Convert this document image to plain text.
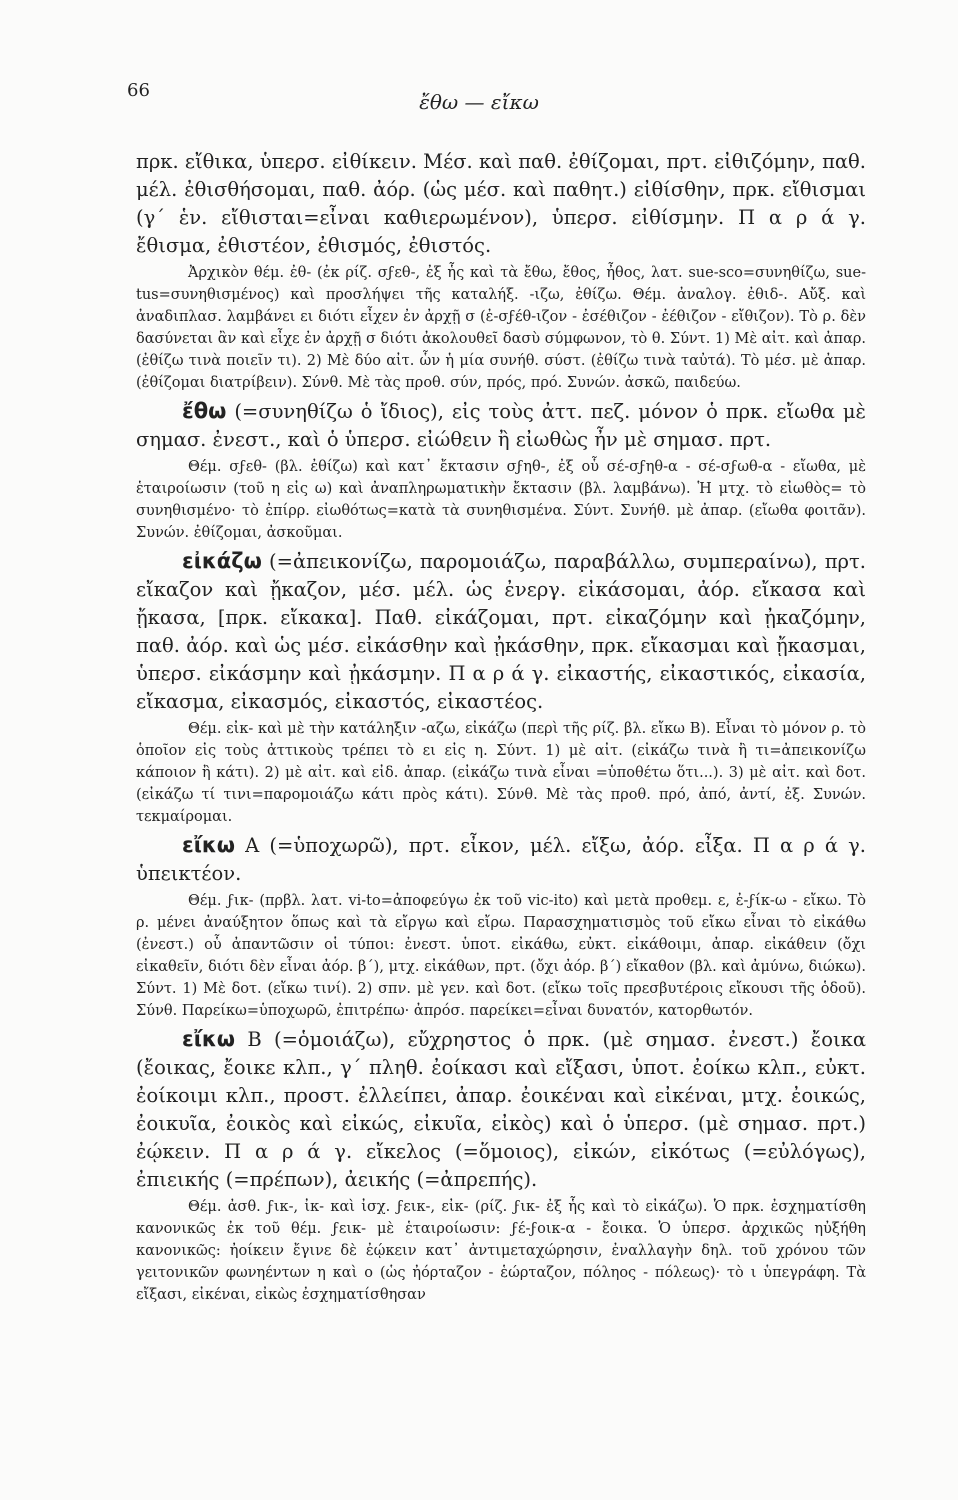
66	ἔθω — εἴκω

πρκ. εἴθικα, ὑπερσ. εἰθίκειν. Μέσ. καὶ παθ. ἐθίζομαι, πρτ. εἰθιζόμην, παθ. μέλ. ἐθισθήσομαι, παθ. ἀόρ. (ὡς μέσ. καὶ παθητ.) εἰθίσθην, πρκ. εἴθισμαι (γ΄ ἑν. εἴθισται=εἶναι καθιερωμένον), ὑπερσ. εἰθίσμην. Π α ρ ά γ. ἔθισμα, ἐθιστέον, ἐθισμός, ἐθιστός.

Ἀρχικὸν θέμ. ἐθ- (ἐκ ρίζ. σϝεθ-, ἐξ ἧς καὶ τὰ ἔθω, ἔθος, ἦθος, λατ. sue-sco=συνηθίζω, sue-tus=συνηθισμένος) καὶ προσλήψει τῆς καταλήξ. -ιζω, ἐθίζω. Θέμ. ἀναλογ. ἐθιδ-. Αὔξ. καὶ ἀναδιπλασ. λαμβάνει ει διότι εἶχεν ἐν ἀρχῇ σ (ἐ-σϝέθ-ιζον - ἐσέθιζον - ἐέθιζον - εἴθιζον). Τὸ ρ. δὲν δασύνεται ἂν καὶ εἶχε ἐν ἀρχῇ σ διότι ἀκολουθεῖ δασὺ σύμφωνον, τὸ θ. Σύντ. 1) Μὲ αἰτ. καὶ ἀπαρ. (ἐθίζω τινὰ ποιεῖν τι). 2) Μὲ δύο αἰτ. ὧν ἡ μία συνήθ. σύστ. (ἐθίζω τινὰ ταὐτά). Τὸ μέσ. μὲ ἀπαρ. (ἐθίζομαι διατρίβειν). Σύνθ. Μὲ τὰς προθ. σύν, πρός, πρό. Συνών. ἀσκῶ, παιδεύω.

ἔθω (=συνηθίζω ὁ ἴδιος), εἰς τοὺς ἀττ. πεζ. μόνον ὁ πρκ. εἴωθα μὲ σημασ. ἐνεστ., καὶ ὁ ὑπερσ. εἰώθειν ἢ εἰωθὼς ἦν μὲ σημασ. πρτ.

Θέμ. σϝεθ- (βλ. ἐθίζω) καὶ κατ᾽ ἔκτασιν σϝηθ-, ἐξ οὗ σέ-σϝηθ-α - σέ-σϝωθ-α - εἴωθα, μὲ ἑταιροίωσιν (τοῦ η εἰς ω) καὶ ἀναπληρωματικὴν ἔκτασιν (βλ. λαμβάνω). Ἡ μτχ. τὸ εἰωθὸς= τὸ συνηθισμένο· τὸ ἐπίρρ. εἰωθότως=κατὰ τὰ συνηθισμένα. Σύντ. Συνήθ. μὲ ἀπαρ. (εἴωθα φοιτᾶν). Συνών. ἐθίζομαι, ἀσκοῦμαι.

εἰκάζω (=ἀπεικονίζω, παρομοιάζω, παραβάλλω, συμπεραίνω), πρτ. εἴκαζον καὶ ᾔκαζον, μέσ. μέλ. ὡς ἐνεργ. εἰκάσομαι, ἀόρ. εἴκασα καὶ ᾔκασα, [πρκ. εἴκακα]. Παθ. εἰκάζομαι, πρτ. εἰκαζόμην καὶ ᾐκαζόμην, παθ. ἀόρ. καὶ ὡς μέσ. εἰκάσθην καὶ ᾐκάσθην, πρκ. εἴκασμαι καὶ ᾔκασμαι, ὑπερσ. εἰκάσμην καὶ ᾐκάσμην. Π α ρ ά γ. εἰκαστής, εἰκαστικός, εἰκασία, εἴκασμα, εἰκασμός, εἰκαστός, εἰκαστέος.

Θέμ. εἰκ- καὶ μὲ τὴν κατάληξιν -αζω, εἰκάζω (περὶ τῆς ρίζ. βλ. εἴκω Β). Εἶναι τὸ μόνον ρ. τὸ ὁποῖον εἰς τοὺς ἀττικοὺς τρέπει τὸ ει εἰς η. Σύντ. 1) μὲ αἰτ. (εἰκάζω τινὰ ἢ τι=ἀπεικονίζω κάποιον ἢ κάτι). 2) μὲ αἰτ. καὶ εἰδ. ἀπαρ. (εἰκάζω τινὰ εἶναι =ὑποθέτω ὅτι...). 3) μὲ αἰτ. καὶ δοτ. (εἰκάζω τί τινι=παρομοιάζω κάτι πρὸς κάτι). Σύνθ. Μὲ τὰς προθ. πρό, ἀπό, ἀντί, ἐξ. Συνών. τεκμαίρομαι.

εἴκω Α (=ὑποχωρῶ), πρτ. εἶκον, μέλ. εἴξω, ἀόρ. εἶξα. Π α ρ ά γ. ὑπεικτέον.

Θέμ. ϝικ- (πρβλ. λατ. vi-to=ἀποφεύγω ἐκ τοῦ vic-ito) καὶ μετὰ προθεμ. ε, ἐ-ϝίκ-ω - εἴκω. Τὸ ρ. μένει ἀναύξητον ὅπως καὶ τὰ εἴργω καὶ εἴρω. Παρασχηματισμὸς τοῦ εἴκω εἶναι τὸ εἰκάθω (ἐνεστ.) οὗ ἀπαντῶσιν οἱ τύποι: ἐνεστ. ὑποτ. εἰκάθω, εὐκτ. εἰκάθοιμι, ἀπαρ. εἰκάθειν (ὄχι εἰκαθεῖν, διότι δὲν εἶναι ἀόρ. β΄), μτχ. εἰκάθων, πρτ. (ὄχι ἀόρ. β΄) εἴκαθον (βλ. καὶ ἀμύνω, διώκω). Σύντ. 1) Μὲ δοτ. (εἴκω τινί). 2) σπν. μὲ γεν. καὶ δοτ. (εἴκω τοῖς πρεσβυτέροις εἴκουσι τῆς ὁδοῦ). Σύνθ. Παρείκω=ὑποχωρῶ, ἐπιτρέπω· ἀπρόσ. παρείκει=εἶναι δυνατόν, κατορθωτόν.

εἴκω Β (=ὁμοιάζω), εὔχρηστος ὁ πρκ. (μὲ σημασ. ἐνεστ.) ἔοικα (ἔοικας, ἔοικε κλπ., γ΄ πληθ. ἐοίκασι καὶ εἴξασι, ὑποτ. ἐοίκω κλπ., εὐκτ. ἐοίκοιμι κλπ., προστ. ἐλλείπει, ἀπαρ. ἐοικέναι καὶ εἰκέναι, μτχ. ἐοικώς, ἐοικυῖα, ἐοικὸς καὶ εἰκώς, εἰκυῖα, εἰκὸς) καὶ ὁ ὑπερσ. (μὲ σημασ. πρτ.) ἐῴκειν. Π α ρ ά γ. εἴκελος (=ὅμοιος), εἰκών, εἰκότως (=εὐλόγως), ἐπιεικής (=πρέπων), ἀεικής (=ἀπρεπής).

Θέμ. ἀσθ. ϝικ-, ἰκ- καὶ ἰσχ. ϝεικ-, εἰκ- (ρίζ. ϝικ- ἐξ ἧς καὶ τὸ εἰκάζω). Ὁ πρκ. ἐσχηματίσθη κανονικῶς ἐκ τοῦ θέμ. ϝεικ- μὲ ἑταιροίωσιν: ϝέ-ϝοικ-α - ἔοικα. Ὁ ὑπερσ. ἀρχικῶς ηὐξήθη κανονικῶς: ἠοίκειν ἔγινε δὲ ἐῴκειν κατ᾽ ἀντιμεταχώρησιν, ἐναλλαγὴν δηλ. τοῦ χρόνου τῶν γειτονικῶν φωνηέντων η καὶ ο (ὡς ἠόρταζον - ἑώρταζον, πόληος - πόλεως)· τὸ ι ὑπεγράφη. Τὰ εἴξασι, εἰκέναι, εἰκὼς ἐσχηματίσθησαν
